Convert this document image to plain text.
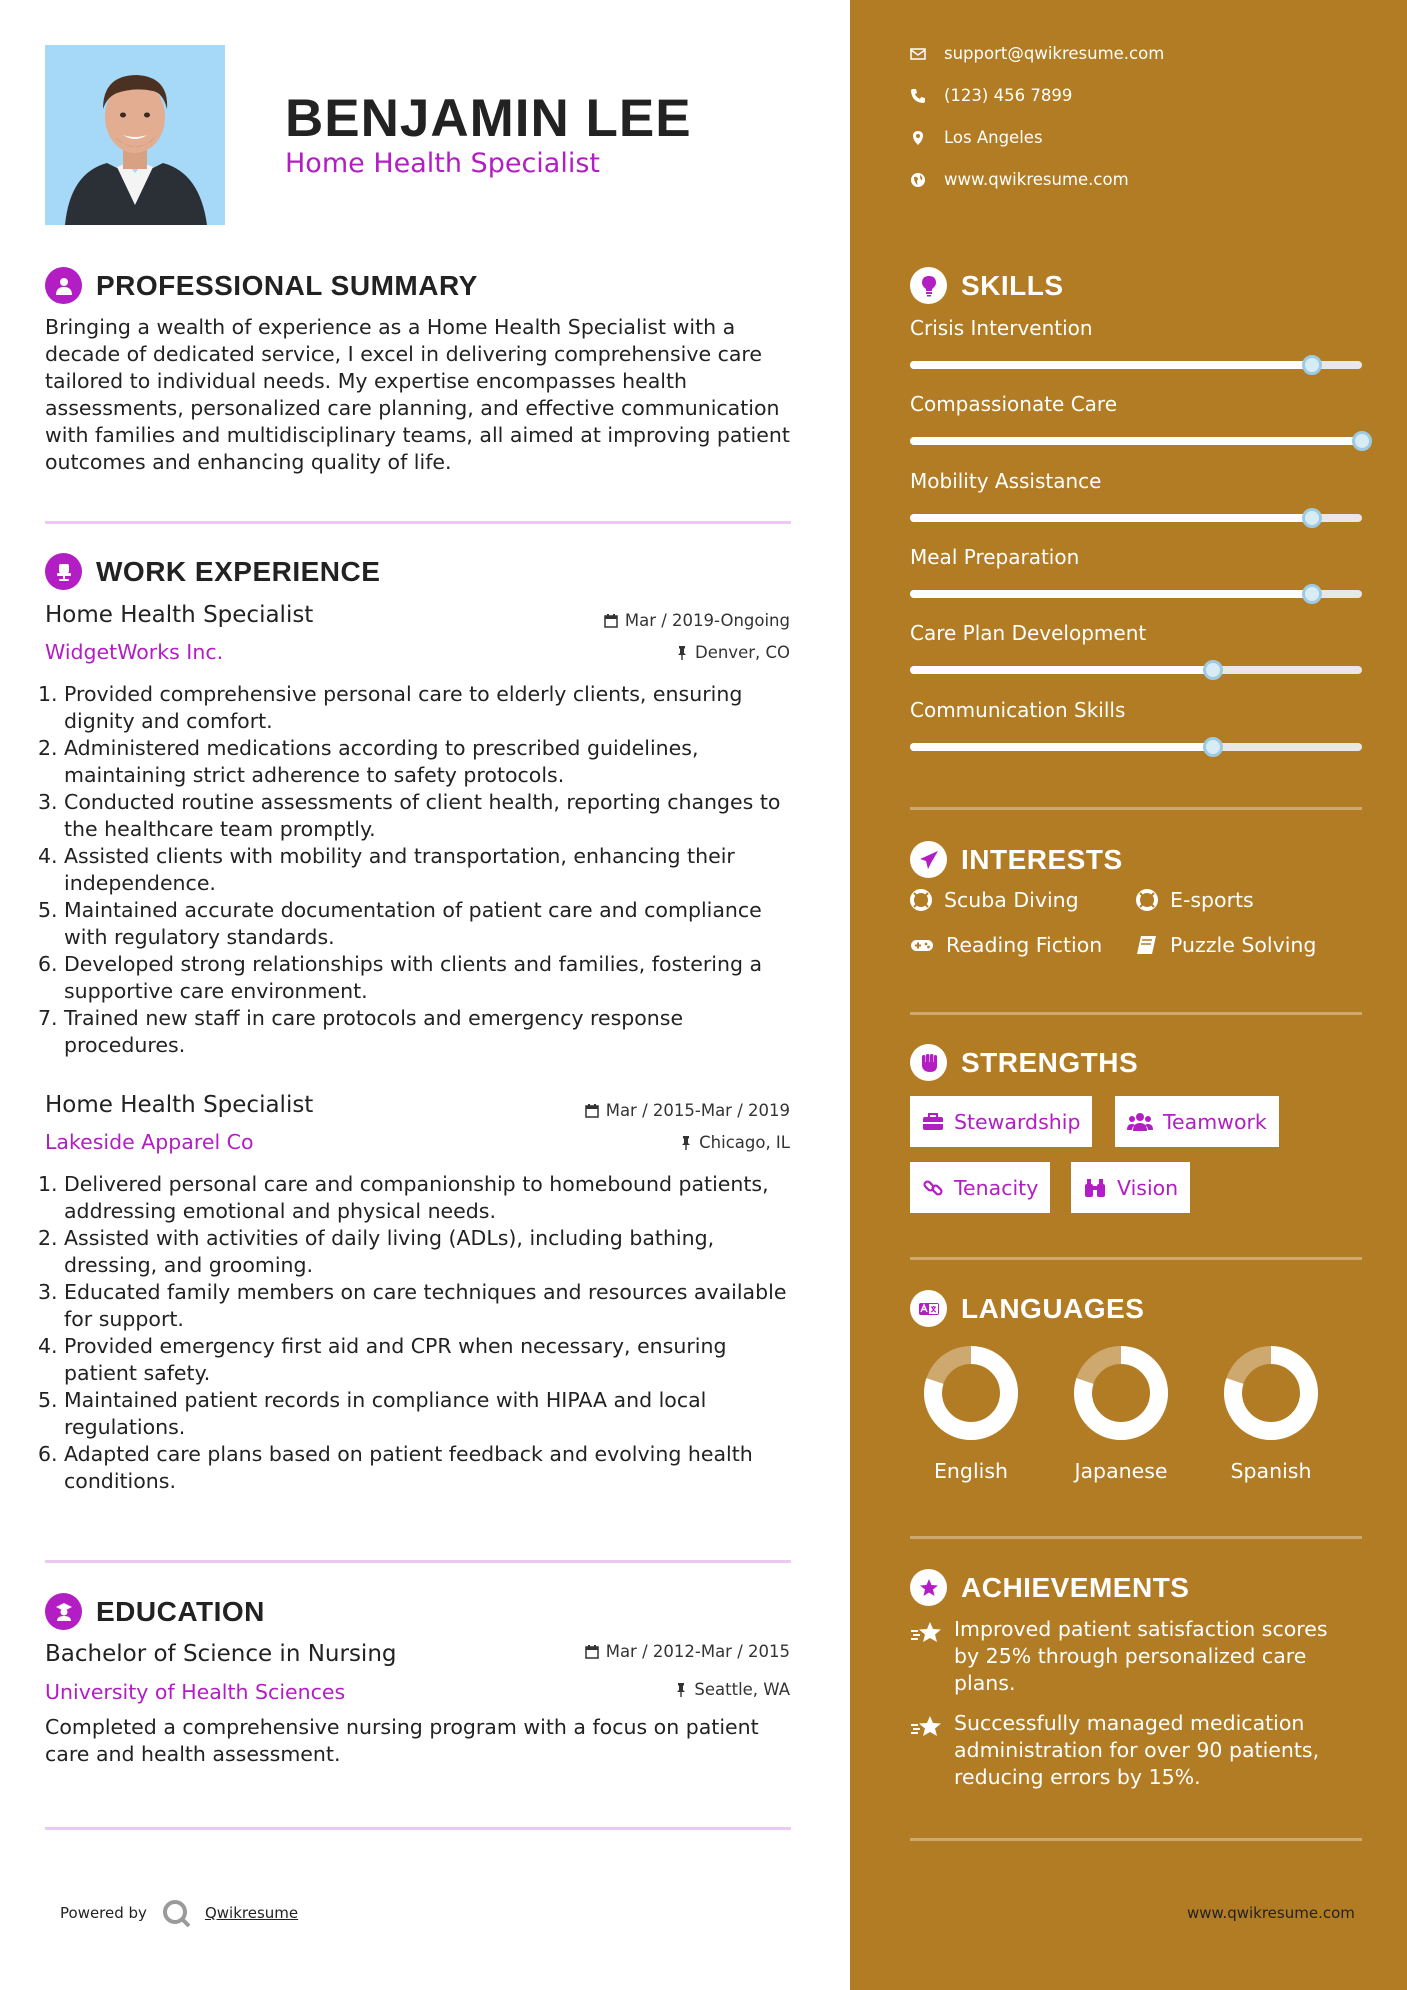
BENJAMIN LEE
Home Health Specialist
PROFESSIONAL SUMMARY
Bringing a wealth of experience as a Home Health Specialist with a decade of dedicated service, I excel in delivering comprehensive care tailored to individual needs. My expertise encompasses health assessments, personalized care planning, and effective communication with families and multidisciplinary teams, all aimed at improving patient outcomes and enhancing quality of life.
WORK EXPERIENCE
Home Health Specialist	Mar / 2019-Ongoing
WidgetWorks Inc.	Denver, CO
1. Provided comprehensive personal care to elderly clients, ensuring dignity and comfort.
2. Administered medications according to prescribed guidelines, maintaining strict adherence to safety protocols.
3. Conducted routine assessments of client health, reporting changes to the healthcare team promptly.
4. Assisted clients with mobility and transportation, enhancing their independence.
5. Maintained accurate documentation of patient care and compliance with regulatory standards.
6. Developed strong relationships with clients and families, fostering a supportive care environment.
7. Trained new staff in care protocols and emergency response procedures.
Home Health Specialist	Mar / 2015-Mar / 2019
Lakeside Apparel Co	Chicago, IL
1. Delivered personal care and companionship to homebound patients, addressing emotional and physical needs.
2. Assisted with activities of daily living (ADLs), including bathing, dressing, and grooming.
3. Educated family members on care techniques and resources available for support.
4. Provided emergency first aid and CPR when necessary, ensuring patient safety.
5. Maintained patient records in compliance with HIPAA and local regulations.
6. Adapted care plans based on patient feedback and evolving health conditions.
EDUCATION
Bachelor of Science in Nursing	Mar / 2012-Mar / 2015
University of Health Sciences	Seattle, WA
Completed a comprehensive nursing program with a focus on patient care and health assessment.
Powered by	Qwikresume
support@qwikresume.com
(123) 456 7899
Los Angeles
www.qwikresume.com
SKILLS
Crisis Intervention
Compassionate Care
Mobility Assistance
Meal Preparation
Care Plan Development
Communication Skills
INTERESTS
Scuba Diving	E-sports
Reading Fiction	Puzzle Solving
STRENGTHS
Stewardship	Teamwork
Tenacity	Vision
LANGUAGES
English	Japanese	Spanish
ACHIEVEMENTS
Improved patient satisfaction scores by 25% through personalized care plans.
Successfully managed medication administration for over 90 patients, reducing errors by 15%.
www.qwikresume.com
